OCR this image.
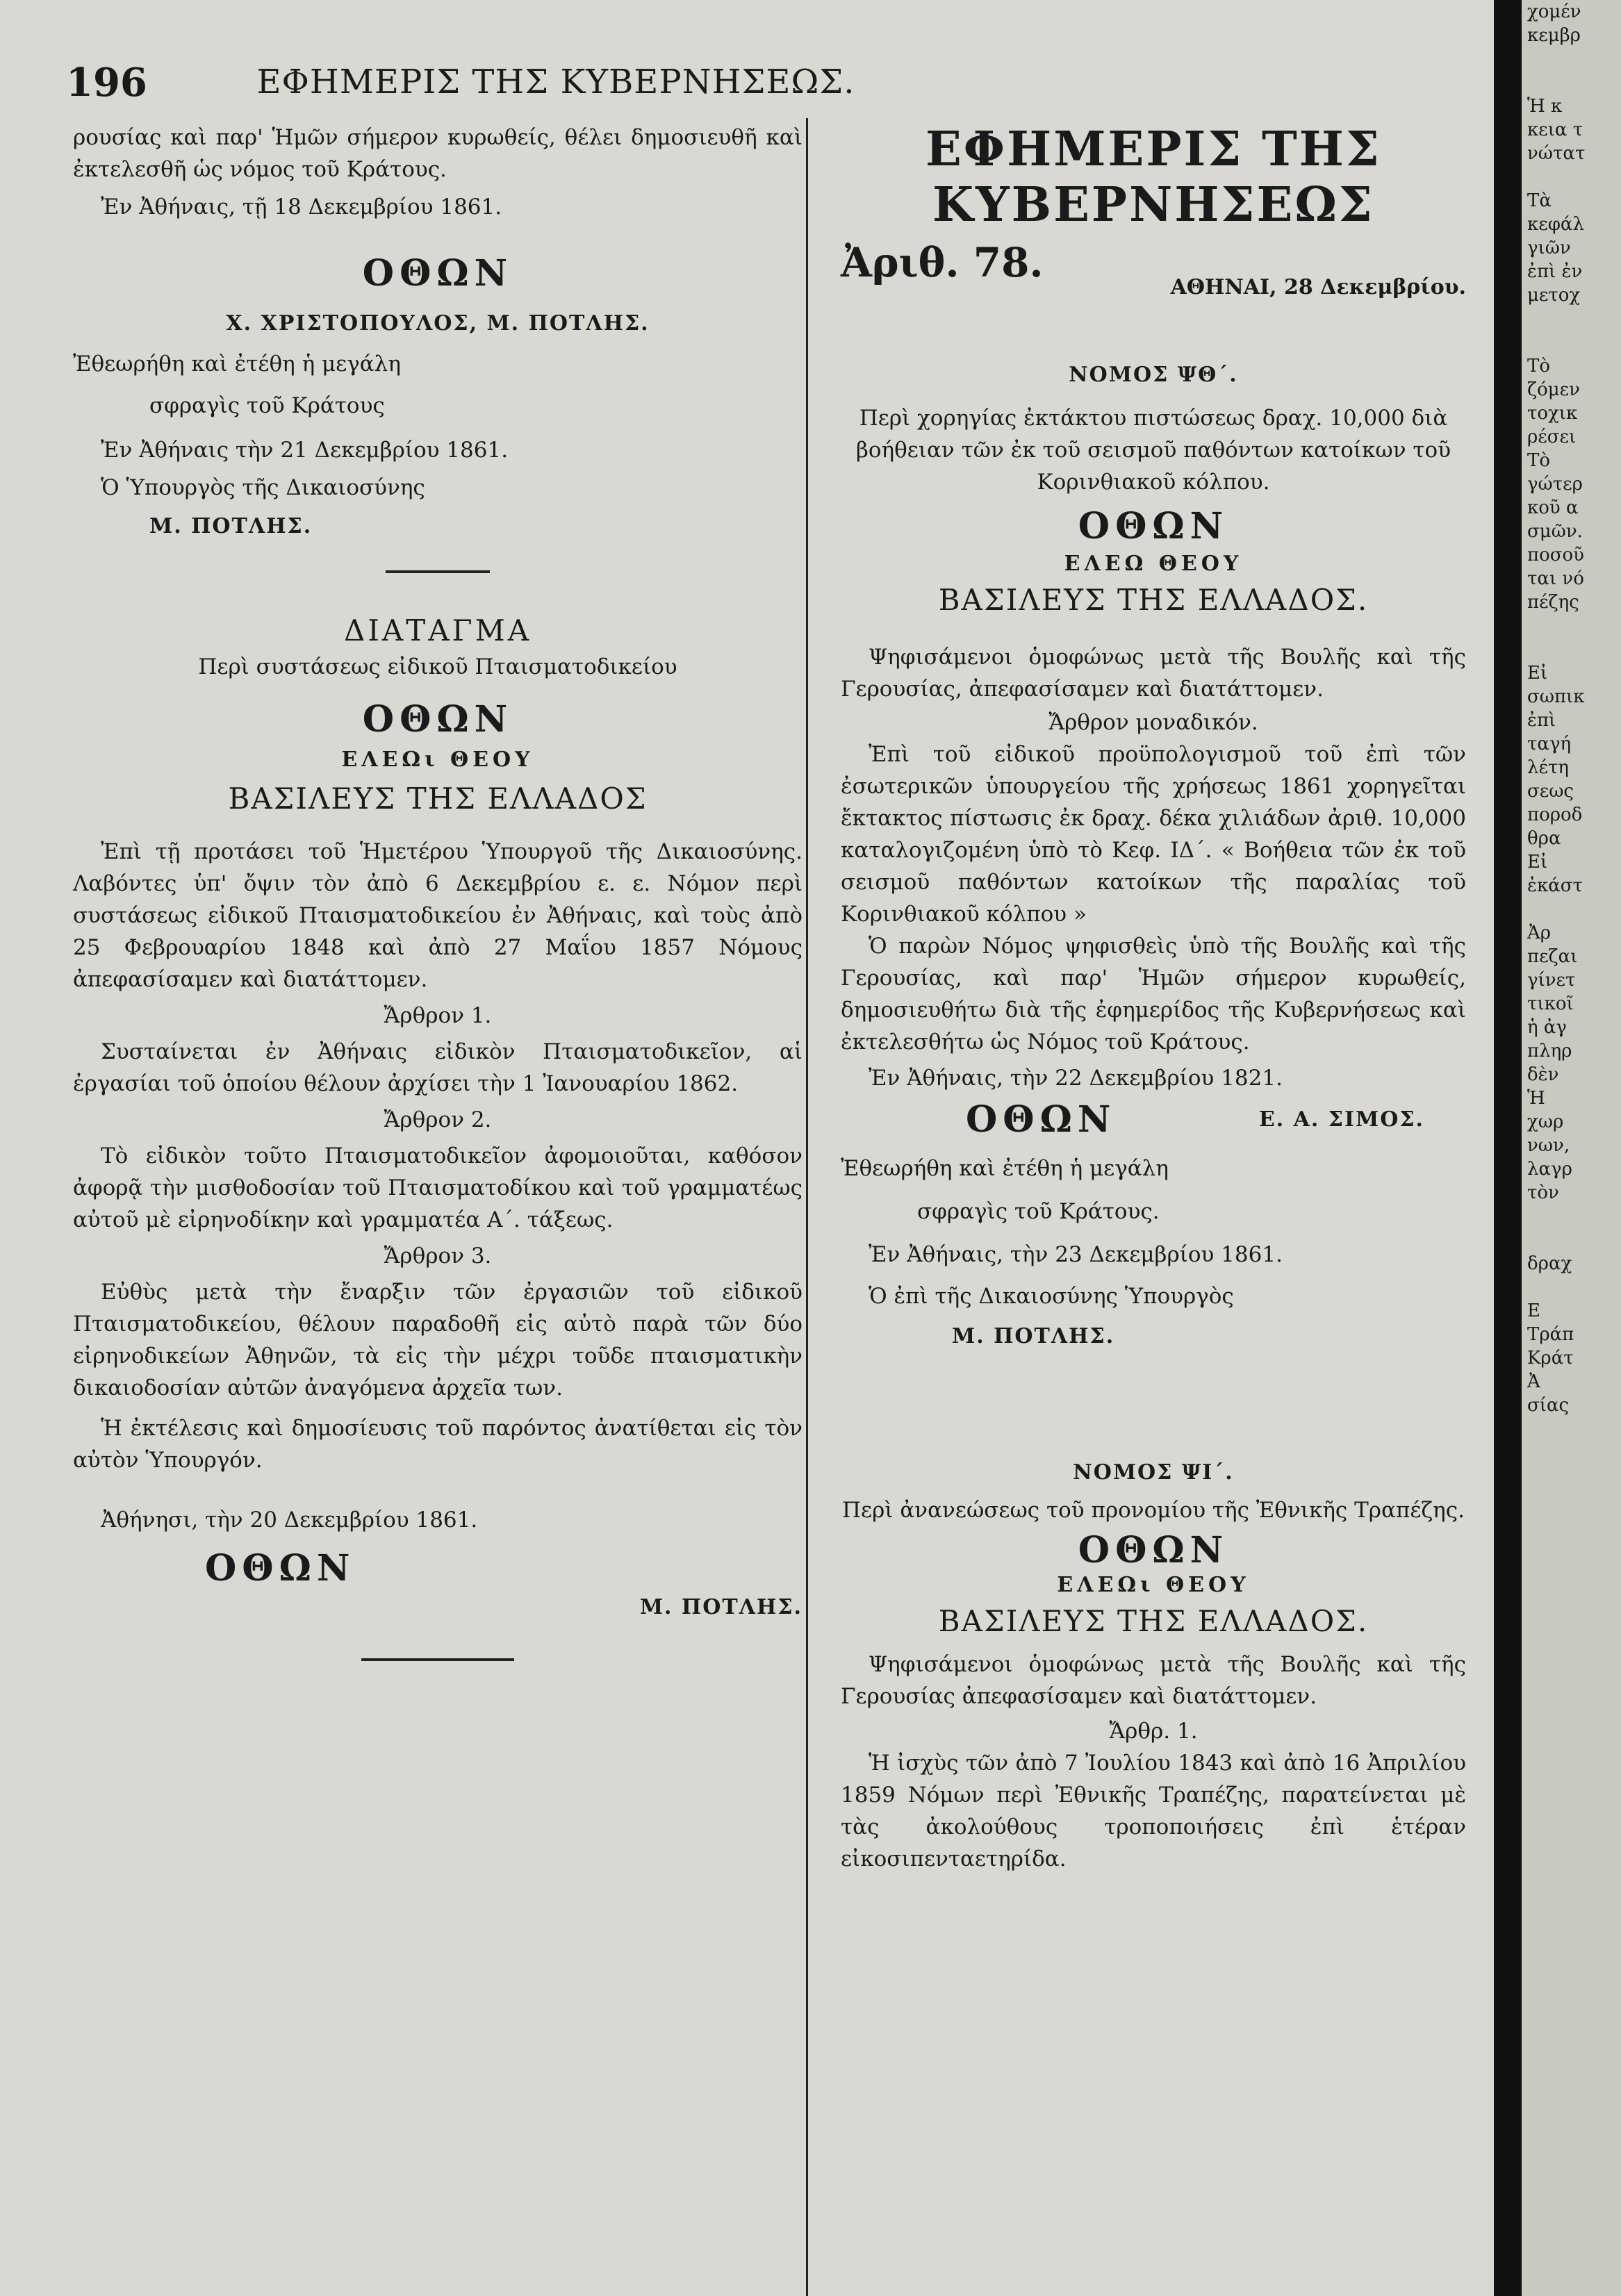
196	ΕΦΗΜΕΡΙΣ ΤΗΣ ΚΥΒΕΡΝΗΣΕΩΣ.

ρουσίας καὶ παρ' Ἡμῶν σήμερον κυρωθείς, θέλει δημοσιευθῆ καὶ ἐκτελεσθῆ ὡς νόμος τοῦ Κράτους.

Ἐν Ἀθήναις, τῇ 18 Δεκεμβρίου 1861.

ΟΘΩΝ

Χ. ΧΡΙΣΤΟΠΟΥΛΟΣ, Μ. ΠΟΤΛΗΣ.

Ἐθεωρήθη καὶ ἐτέθη ἡ μεγάλη

σφραγὶς τοῦ Κράτους

Ἐν Ἀθήναις τὴν 21 Δεκεμβρίου 1861.

Ὁ Ὑπουργὸς τῆς Δικαιοσύνης

Μ. ΠΟΤΛΗΣ.

ΔΙΑΤΑΓΜΑ

Περὶ συστάσεως εἰδικοῦ Πταισματοδικείου

ΟΘΩΝ

ΕΛΕΩι ΘΕΟΥ

ΒΑΣΙΛΕΥΣ ΤΗΣ ΕΛΛΑΔΟΣ

Ἐπὶ τῇ προτάσει τοῦ Ἡμετέρου Ὑπουργοῦ τῆς Δικαιοσύνης. Λαβόντες ὑπ' ὄψιν τὸν ἀπὸ 6 Δεκεμβρίου ε. ε. Νόμον περὶ συστάσεως εἰδικοῦ Πταισματοδικείου ἐν Ἀθήναις, καὶ τοὺς ἀπὸ 25 Φεβρουαρίου 1848 καὶ ἀπὸ 27 Μαΐου 1857 Νόμους ἀπεφασίσαμεν καὶ διατάττομεν.

Ἄρθρον 1.

Συσταίνεται ἐν Ἀθήναις εἰδικὸν Πταισματοδικεῖον, αἱ ἐργασίαι τοῦ ὁποίου θέλουν ἀρχίσει τὴν 1 Ἰανουαρίου 1862.

Ἄρθρον 2.

Τὸ εἰδικὸν τοῦτο Πταισματοδικεῖον ἀφομοιοῦται, καθόσον ἀφορᾷ τὴν μισθοδοσίαν τοῦ Πταισματοδίκου καὶ τοῦ γραμματέως αὐτοῦ μὲ εἰρηνοδίκην καὶ γραμματέα Α΄. τάξεως.

Ἄρθρον 3.

Εὐθὺς μετὰ τὴν ἔναρξιν τῶν ἐργασιῶν τοῦ εἰδικοῦ Πταισματοδικείου, θέλουν παραδοθῆ εἰς αὐτὸ παρὰ τῶν δύο εἰρηνοδικείων Ἀθηνῶν, τὰ εἰς τὴν μέχρι τοῦδε πταισματικὴν δικαιοδοσίαν αὐτῶν ἀναγόμενα ἀρχεῖα των.

Ἡ ἐκτέλεσις καὶ δημοσίευσις τοῦ παρόντος ἀνατίθεται εἰς τὸν αὐτὸν Ὑπουργόν.

Ἀθήνησι, τὴν 20 Δεκεμβρίου 1861.

ΟΘΩΝ

Μ. ΠΟΤΛΗΣ.

ΕΦΗΜΕΡΙΣ ΤΗΣ ΚΥΒΕΡΝΗΣΕΩΣ

Ἀριθ. 78.

ΑΘΗΝΑΙ, 28 Δεκεμβρίου.

ΝΟΜΟΣ ΨΘ΄.

Περὶ χορηγίας ἐκτάκτου πιστώσεως δραχ. 10,000 διὰ βοήθειαν τῶν ἐκ τοῦ σεισμοῦ παθόντων κατοίκων τοῦ Κορινθιακοῦ κόλπου.

ΟΘΩΝ

ΕΛΕΩ ΘΕΟΥ

ΒΑΣΙΛΕΥΣ ΤΗΣ ΕΛΛΑΔΟΣ.

Ψηφισάμενοι ὁμοφώνως μετὰ τῆς Βουλῆς καὶ τῆς Γερουσίας, ἀπεφασίσαμεν καὶ διατάττομεν.

Ἄρθρον μοναδικόν.

Ἐπὶ τοῦ εἰδικοῦ προϋπολογισμοῦ τοῦ ἐπὶ τῶν ἐσωτερικῶν ὑπουργείου τῆς χρήσεως 1861 χορηγεῖται ἔκτακτος πίστωσις ἐκ δραχ. δέκα χιλιάδων ἀριθ. 10,000 καταλογιζομένη ὑπὸ τὸ Κεφ. ΙΔ΄. « Βοήθεια τῶν ἐκ τοῦ σεισμοῦ παθόντων κατοίκων τῆς παραλίας τοῦ Κορινθιακοῦ κόλπου »

Ὁ παρὼν Νόμος ψηφισθεὶς ὑπὸ τῆς Βουλῆς καὶ τῆς Γερουσίας, καὶ παρ' Ἡμῶν σήμερον κυρωθείς, δημοσιευθήτω διὰ τῆς ἐφημερίδος τῆς Κυβερνήσεως καὶ ἐκτελεσθήτω ὡς Νόμος τοῦ Κράτους.

Ἐν Ἀθήναις, τὴν 22 Δεκεμβρίου 1821.

ΟΘΩΝ	Ε. Α. ΣΙΜΟΣ.

Ἐθεωρήθη καὶ ἐτέθη ἡ μεγάλη

σφραγὶς τοῦ Κράτους.

Ἐν Ἀθήναις, τὴν 23 Δεκεμβρίου 1861.

Ὁ ἐπὶ τῆς Δικαιοσύνης Ὑπουργὸς

Μ. ΠΟΤΛΗΣ.

ΝΟΜΟΣ ΨΙ΄.

Περὶ ἀνανεώσεως τοῦ προνομίου τῆς Ἐθνικῆς Τραπέζης.

ΟΘΩΝ

ΕΛΕΩι ΘΕΟΥ

ΒΑΣΙΛΕΥΣ ΤΗΣ ΕΛΛΑΔΟΣ.

Ψηφισάμενοι ὁμοφώνως μετὰ τῆς Βουλῆς καὶ τῆς Γερουσίας ἀπεφασίσαμεν καὶ διατάττομεν.

Ἄρθρ. 1.

Ἡ ἰσχὺς τῶν ἀπὸ 7 Ἰουλίου 1843 καὶ ἀπὸ 16 Ἀπριλίου 1859 Νόμων περὶ Ἐθνικῆς Τραπέζης, παρατείνεται μὲ τὰς ἀκολούθους τροποποιήσεις ἐπὶ ἑτέραν εἰκοσιπενταετηρίδα.

χομέν
κεμβρ

Ἡ κ
κεια τ
νώτατ

Τὰ
κεφάλ
γιῶν
ἐπὶ ἐν
μετοχ

Τὸ
ζόμεν
τοχικ
ρέσει
Τὸ
γώτερ
κοῦ α
σμῶν.
ποσοῦ
ται νό
πέζης

Εἰ
σωπικ
ἐπὶ
ταγή
λέτη
σεως
ποροδ
θρα
Εἰ
ἐκάστ

Ἀρ
πεζαι
γίνετ
τικοῖ
ἡ ἀγ
πληρ
δὲν
Ἡ
χωρ
νων,
λαγρ
τὸν

δραχ

Ε
Τράπ
Κράτ
Ἀ
σίας
